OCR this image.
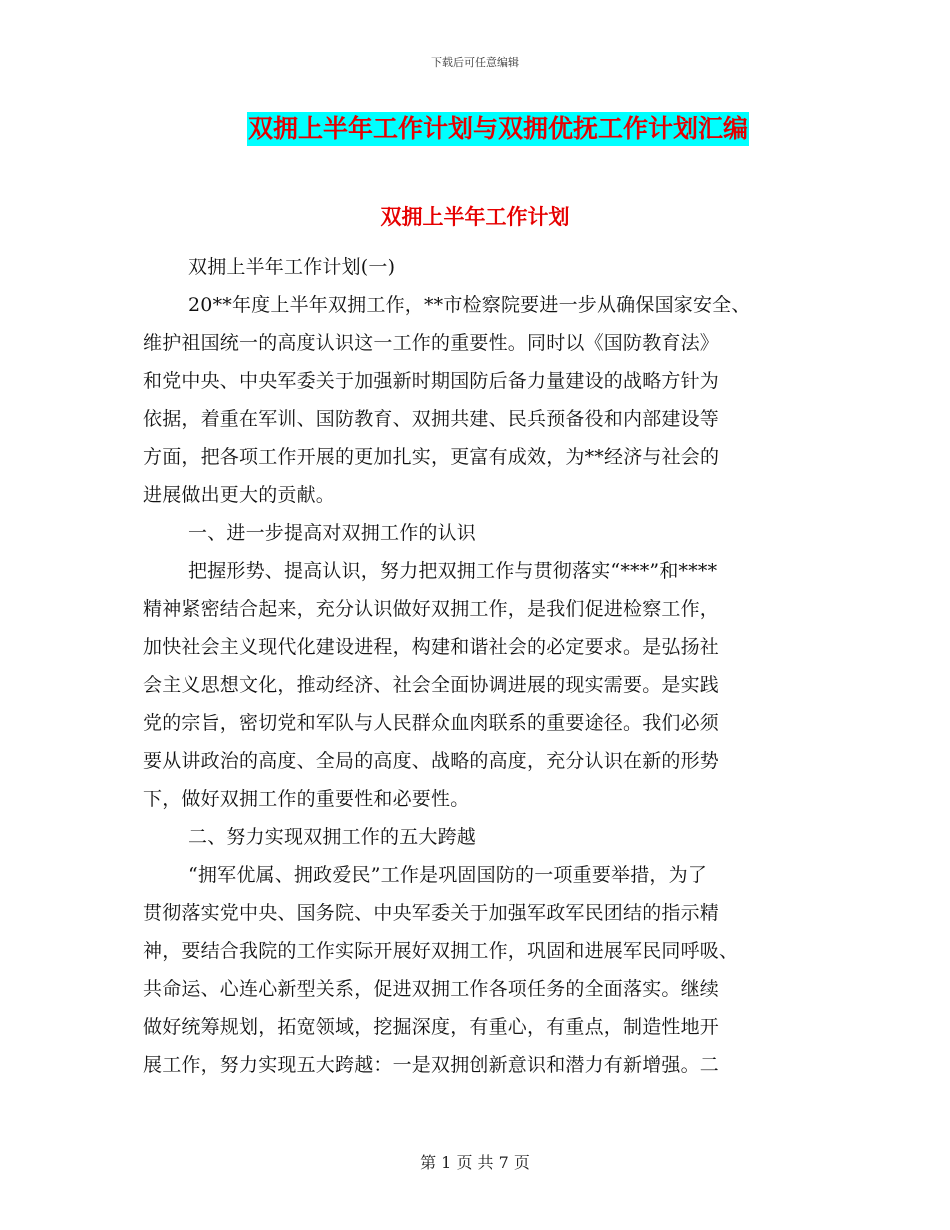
下载后可任意编辑
双拥上半年工作计划与双拥优抚工作计划汇编
双拥上半年工作计划
双拥上半年工作计划(一)
20**年度上半年双拥工作，**市检察院要进一步从确保国家安全、
维护祖国统一的高度认识这一工作的重要性。同时以《国防教育法》
和党中央、中央军委关于加强新时期国防后备力量建设的战略方针为
依据，着重在军训、国防教育、双拥共建、民兵预备役和内部建设等
方面，把各项工作开展的更加扎实，更富有成效，为**经济与社会的
进展做出更大的贡献。
一、进一步提高对双拥工作的认识
把握形势、提高认识，努力把双拥工作与贯彻落实“***”和****
精神紧密结合起来，充分认识做好双拥工作，是我们促进检察工作，
加快社会主义现代化建设进程，构建和谐社会的必定要求。是弘扬社
会主义思想文化，推动经济、社会全面协调进展的现实需要。是实践
党的宗旨，密切党和军队与人民群众血肉联系的重要途径。我们必须
要从讲政治的高度、全局的高度、战略的高度，充分认识在新的形势
下，做好双拥工作的重要性和必要性。
二、努力实现双拥工作的五大跨越
“拥军优属、拥政爱民”工作是巩固国防的一项重要举措，为了
贯彻落实党中央、国务院、中央军委关于加强军政军民团结的指示精
神，要结合我院的工作实际开展好双拥工作，巩固和进展军民同呼吸、
共命运、心连心新型关系，促进双拥工作各项任务的全面落实。继续
做好统筹规划，拓宽领域，挖掘深度，有重心，有重点，制造性地开
展工作，努力实现五大跨越：一是双拥创新意识和潜力有新增强。二
第 1 页 共 7 页
